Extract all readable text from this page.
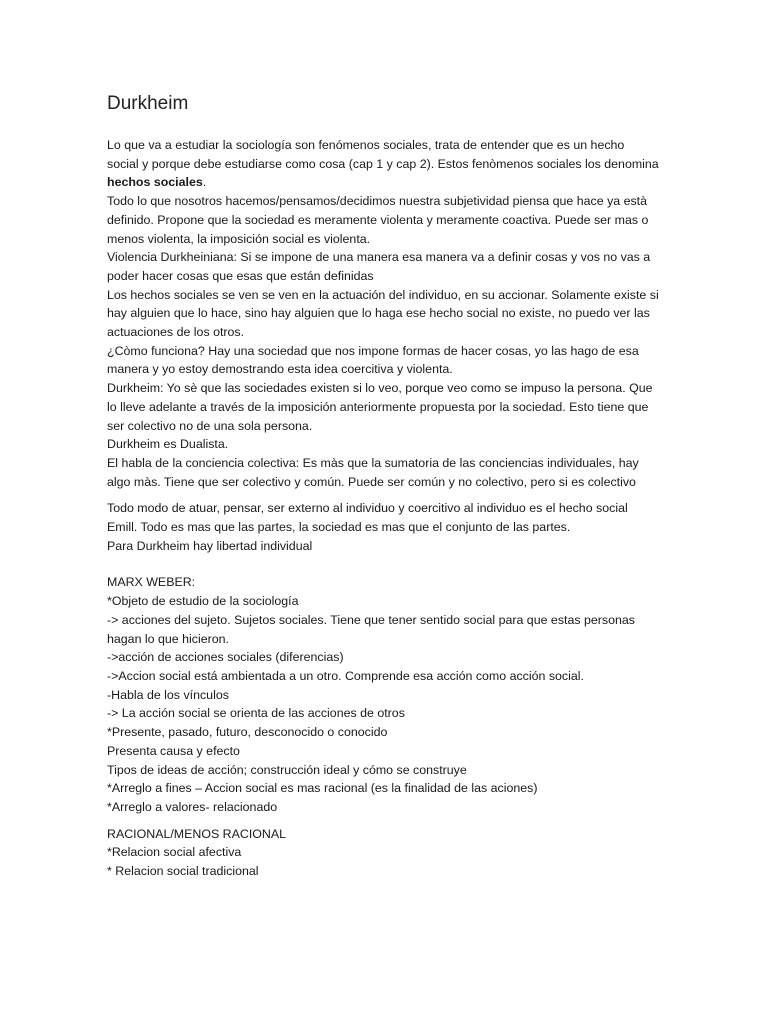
Durkheim
Lo que va a estudiar la sociología son fenómenos sociales, trata de entender que es un hecho
social y porque debe estudiarse como cosa (cap 1 y cap 2). Estos fenòmenos sociales los denomina
hechos sociales.
Todo lo que nosotros hacemos/pensamos/decidimos nuestra subjetividad piensa que hace ya està
definido. Propone que la sociedad es meramente violenta y meramente coactiva. Puede ser mas o
menos violenta, la imposición social es violenta.
Violencia Durkheiniana: Si se impone de una manera esa manera va a definir cosas y vos no vas a
poder hacer cosas que esas que están definidas
Los hechos sociales se ven se ven en la actuación del individuo, en su accionar. Solamente existe si
hay alguien que lo hace, sino hay alguien que lo haga ese hecho social no existe, no puedo ver las
actuaciones de los otros.
¿Còmo funciona? Hay una sociedad que nos impone formas de hacer cosas, yo las hago de esa
manera y yo estoy demostrando esta idea coercitiva y violenta.
Durkheim: Yo sè que las sociedades existen si lo veo, porque veo como se impuso la persona. Que
lo lleve adelante a través de la imposición anteriormente propuesta por la sociedad. Esto tiene que
ser colectivo no de una sola persona.
Durkheim es Dualista.
El habla de la conciencia colectiva: Es màs que la sumatoria de las conciencias individuales, hay
algo màs. Tiene que ser colectivo y común. Puede ser común y no colectivo, pero si es colectivo
Todo modo de atuar, pensar, ser externo al individuo y coercitivo al individuo es el hecho social
Emill. Todo es mas que las partes, la sociedad es mas que el conjunto de las partes.
Para Durkheim hay libertad individual
MARX WEBER:
*Objeto de estudio de la sociología
-> acciones del sujeto. Sujetos sociales. Tiene que tener sentido social para que estas personas
hagan lo que hicieron.
->acción de acciones sociales (diferencias)
->Accion social está ambientada a un otro. Comprende esa acción como acción social.
-Habla de los vínculos
-> La acción social se orienta de las acciones de otros
*Presente, pasado, futuro, desconocido o conocido
Presenta causa y efecto
Tipos de ideas de acción; construcción ideal y cómo se construye
*Arreglo a fines – Accion social es mas racional (es la finalidad de las aciones)
*Arreglo a valores- relacionado
RACIONAL/MENOS RACIONAL
*Relacion social afectiva
* Relacion social tradicional
